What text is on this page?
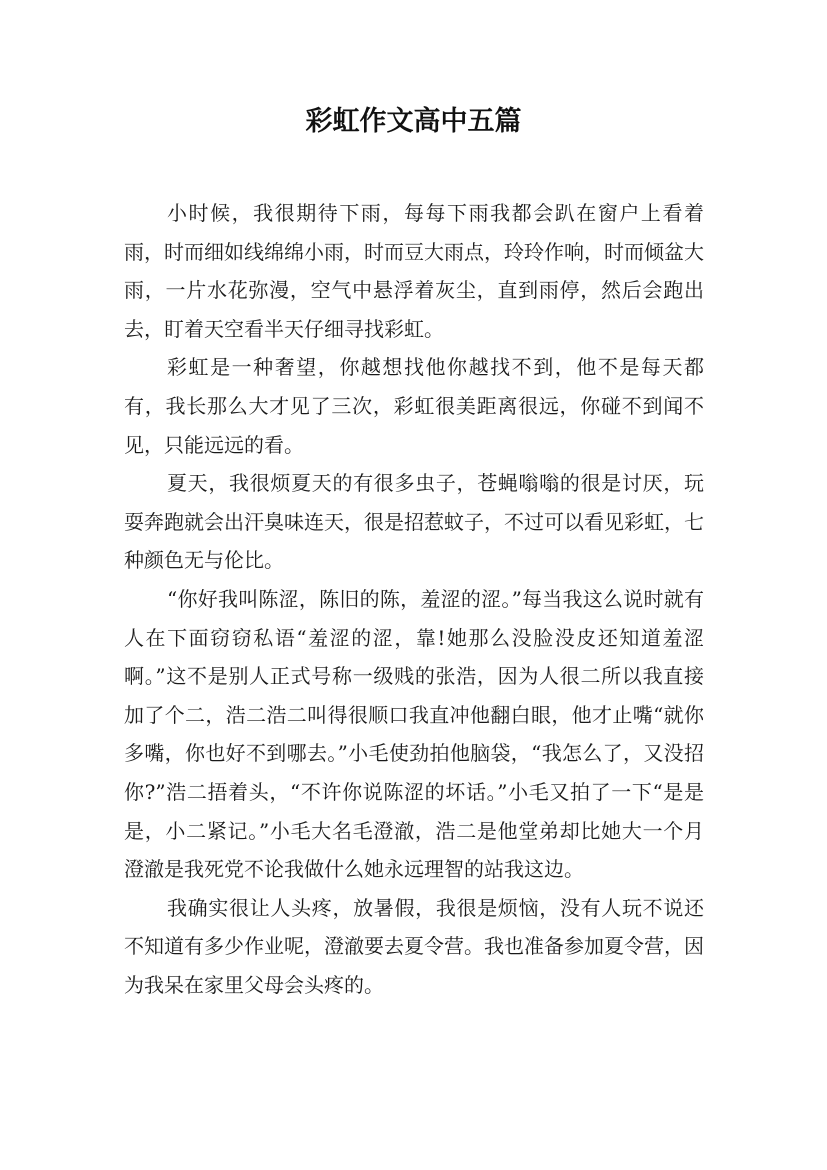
彩虹作文高中五篇

小时候，我很期待下雨，每每下雨我都会趴在窗户上看着雨，时而细如线绵绵小雨，时而豆大雨点，玲玲作响，时而倾盆大雨，一片水花弥漫，空气中悬浮着灰尘，直到雨停，然后会跑出去，盯着天空看半天仔细寻找彩虹。

彩虹是一种奢望，你越想找他你越找不到，他不是每天都有，我长那么大才见了三次，彩虹很美距离很远，你碰不到闻不见，只能远远的看。

夏天，我很烦夏天的有很多虫子，苍蝇嗡嗡的很是讨厌，玩耍奔跑就会出汗臭味连天，很是招惹蚊子，不过可以看见彩虹，七种颜色无与伦比。

“你好我叫陈涩，陈旧的陈，羞涩的涩。”每当我这么说时就有人在下面窃窃私语“羞涩的涩，靠!她那么没脸没皮还知道羞涩啊。”这不是别人正式号称一级贱的张浩，因为人很二所以我直接加了个二，浩二浩二叫得很顺口我直冲他翻白眼，他才止嘴“就你多嘴，你也好不到哪去。”小毛使劲拍他脑袋，“我怎么了，又没招你?”浩二捂着头，“不许你说陈涩的坏话。”小毛又拍了一下“是是是，小二紧记。”小毛大名毛澄澈，浩二是他堂弟却比她大一个月澄澈是我死党不论我做什么她永远理智的站我这边。

我确实很让人头疼，放暑假，我很是烦恼，没有人玩不说还不知道有多少作业呢，澄澈要去夏令营。我也准备参加夏令营，因为我呆在家里父母会头疼的。
